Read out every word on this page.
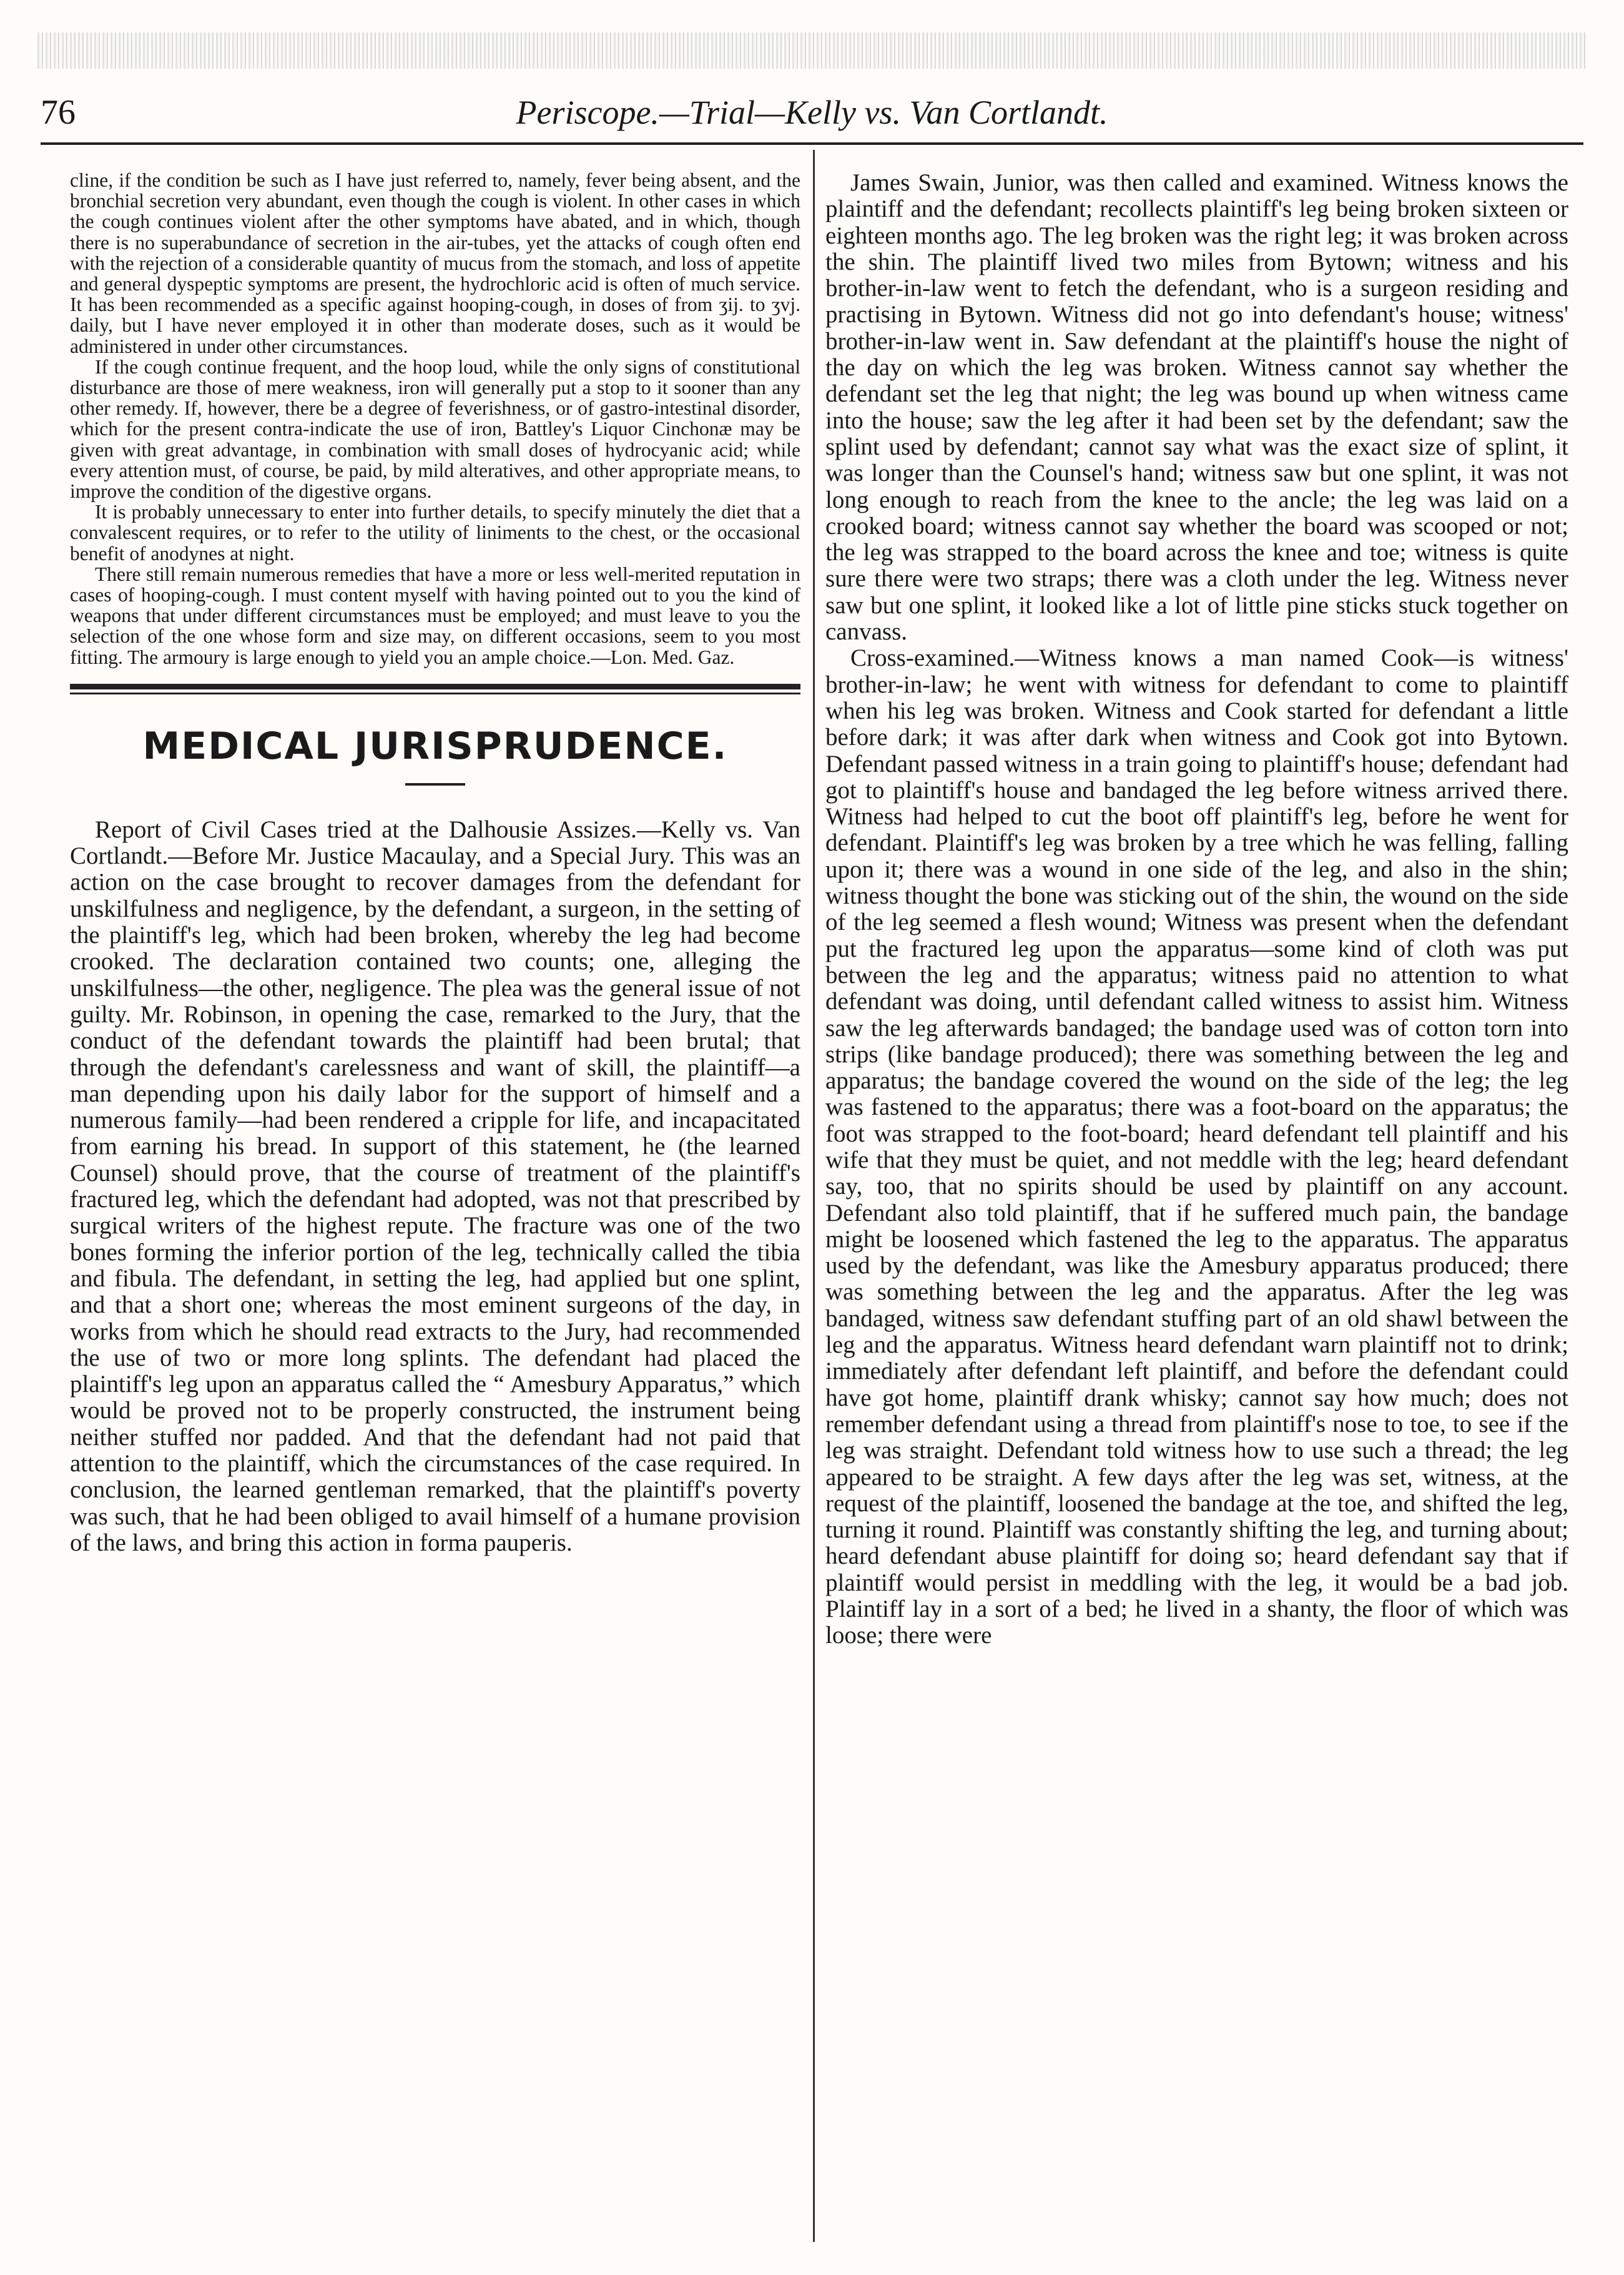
76	Periscope.—Trial—Kelly vs. Van Cortlandt.

cline, if the condition be such as I have just referred to, namely, fever being absent, and the bronchial secretion very abundant, even though the cough is violent. In other cases in which the cough continues violent after the other symptoms have abated, and in which, though there is no superabundance of secretion in the air-tubes, yet the attacks of cough often end with the rejection of a considerable quantity of mucus from the stomach, and loss of appetite and general dyspeptic symptoms are present, the hydrochloric acid is often of much service. It has been recommended as a specific against hooping-cough, in doses of from ʒij. to ʒvj. daily, but I have never employed it in other than moderate doses, such as it would be administered in under other circumstances.

If the cough continue frequent, and the hoop loud, while the only signs of constitutional disturbance are those of mere weakness, iron will generally put a stop to it sooner than any other remedy. If, however, there be a degree of feverishness, or of gastro-intestinal disorder, which for the present contra-indicate the use of iron, Battley's Liquor Cinchonæ may be given with great advantage, in combination with small doses of hydrocyanic acid; while every attention must, of course, be paid, by mild alteratives, and other appropriate means, to improve the condition of the digestive organs.

It is probably unnecessary to enter into further details, to specify minutely the diet that a convalescent requires, or to refer to the utility of liniments to the chest, or the occasional benefit of anodynes at night.

There still remain numerous remedies that have a more or less well-merited reputation in cases of hooping-cough. I must content myself with having pointed out to you the kind of weapons that under different circumstances must be employed; and must leave to you the selection of the one whose form and size may, on different occasions, seem to you most fitting. The armoury is large enough to yield you an ample choice.—Lon. Med. Gaz.

MEDICAL JURISPRUDENCE.

Report of Civil Cases tried at the Dalhousie Assizes.—Kelly vs. Van Cortlandt.—Before Mr. Justice Macaulay, and a Special Jury. This was an action on the case brought to recover damages from the defendant for unskilfulness and negligence, by the defendant, a surgeon, in the setting of the plaintiff's leg, which had been broken, whereby the leg had become crooked. The declaration contained two counts; one, alleging the unskilfulness—the other, negligence. The plea was the general issue of not guilty. Mr. Robinson, in opening the case, remarked to the Jury, that the conduct of the defendant towards the plaintiff had been brutal; that through the defendant's carelessness and want of skill, the plaintiff—a man depending upon his daily labor for the support of himself and a numerous family—had been rendered a cripple for life, and incapacitated from earning his bread. In support of this statement, he (the learned Counsel) should prove, that the course of treatment of the plaintiff's fractured leg, which the defendant had adopted, was not that prescribed by surgical writers of the highest repute. The fracture was one of the two bones forming the inferior portion of the leg, technically called the tibia and fibula. The defendant, in setting the leg, had applied but one splint, and that a short one; whereas the most eminent surgeons of the day, in works from which he should read extracts to the Jury, had recommended the use of two or more long splints. The defendant had placed the plaintiff's leg upon an apparatus called the “ Amesbury Apparatus,” which would be proved not to be properly constructed, the instrument being neither stuffed nor padded. And that the defendant had not paid that attention to the plaintiff, which the circumstances of the case required. In conclusion, the learned gentleman remarked, that the plaintiff's poverty was such, that he had been obliged to avail himself of a humane provision of the laws, and bring this action in forma pauperis.

James Swain, Junior, was then called and examined. Witness knows the plaintiff and the defendant; recollects plaintiff's leg being broken sixteen or eighteen months ago. The leg broken was the right leg; it was broken across the shin. The plaintiff lived two miles from Bytown; witness and his brother-in-law went to fetch the defendant, who is a surgeon residing and practising in Bytown. Witness did not go into defendant's house; witness' brother-in-law went in. Saw defendant at the plaintiff's house the night of the day on which the leg was broken. Witness cannot say whether the defendant set the leg that night; the leg was bound up when witness came into the house; saw the leg after it had been set by the defendant; saw the splint used by defendant; cannot say what was the exact size of splint, it was longer than the Counsel's hand; witness saw but one splint, it was not long enough to reach from the knee to the ancle; the leg was laid on a crooked board; witness cannot say whether the board was scooped or not; the leg was strapped to the board across the knee and toe; witness is quite sure there were two straps; there was a cloth under the leg. Witness never saw but one splint, it looked like a lot of little pine sticks stuck together on canvass.

Cross-examined.—Witness knows a man named Cook—is witness' brother-in-law; he went with witness for defendant to come to plaintiff when his leg was broken. Witness and Cook started for defendant a little before dark; it was after dark when witness and Cook got into Bytown. Defendant passed witness in a train going to plaintiff's house; defendant had got to plaintiff's house and bandaged the leg before witness arrived there. Witness had helped to cut the boot off plaintiff's leg, before he went for defendant. Plaintiff's leg was broken by a tree which he was felling, falling upon it; there was a wound in one side of the leg, and also in the shin; witness thought the bone was sticking out of the shin, the wound on the side of the leg seemed a flesh wound; Witness was present when the defendant put the fractured leg upon the apparatus—some kind of cloth was put between the leg and the apparatus; witness paid no attention to what defendant was doing, until defendant called witness to assist him. Witness saw the leg afterwards bandaged; the bandage used was of cotton torn into strips (like bandage produced); there was something between the leg and apparatus; the bandage covered the wound on the side of the leg; the leg was fastened to the apparatus; there was a foot-board on the apparatus; the foot was strapped to the foot-board; heard defendant tell plaintiff and his wife that they must be quiet, and not meddle with the leg; heard defendant say, too, that no spirits should be used by plaintiff on any account. Defendant also told plaintiff, that if he suffered much pain, the bandage might be loosened which fastened the leg to the apparatus. The apparatus used by the defendant, was like the Amesbury apparatus produced; there was something between the leg and the apparatus. After the leg was bandaged, witness saw defendant stuffing part of an old shawl between the leg and the apparatus. Witness heard defendant warn plaintiff not to drink; immediately after defendant left plaintiff, and before the defendant could have got home, plaintiff drank whisky; cannot say how much; does not remember defendant using a thread from plaintiff's nose to toe, to see if the leg was straight. Defendant told witness how to use such a thread; the leg appeared to be straight. A few days after the leg was set, witness, at the request of the plaintiff, loosened the bandage at the toe, and shifted the leg, turning it round. Plaintiff was constantly shifting the leg, and turning about; heard defendant abuse plaintiff for doing so; heard defendant say that if plaintiff would persist in meddling with the leg, it would be a bad job. Plaintiff lay in a sort of a bed; he lived in a shanty, the floor of which was loose; there were
